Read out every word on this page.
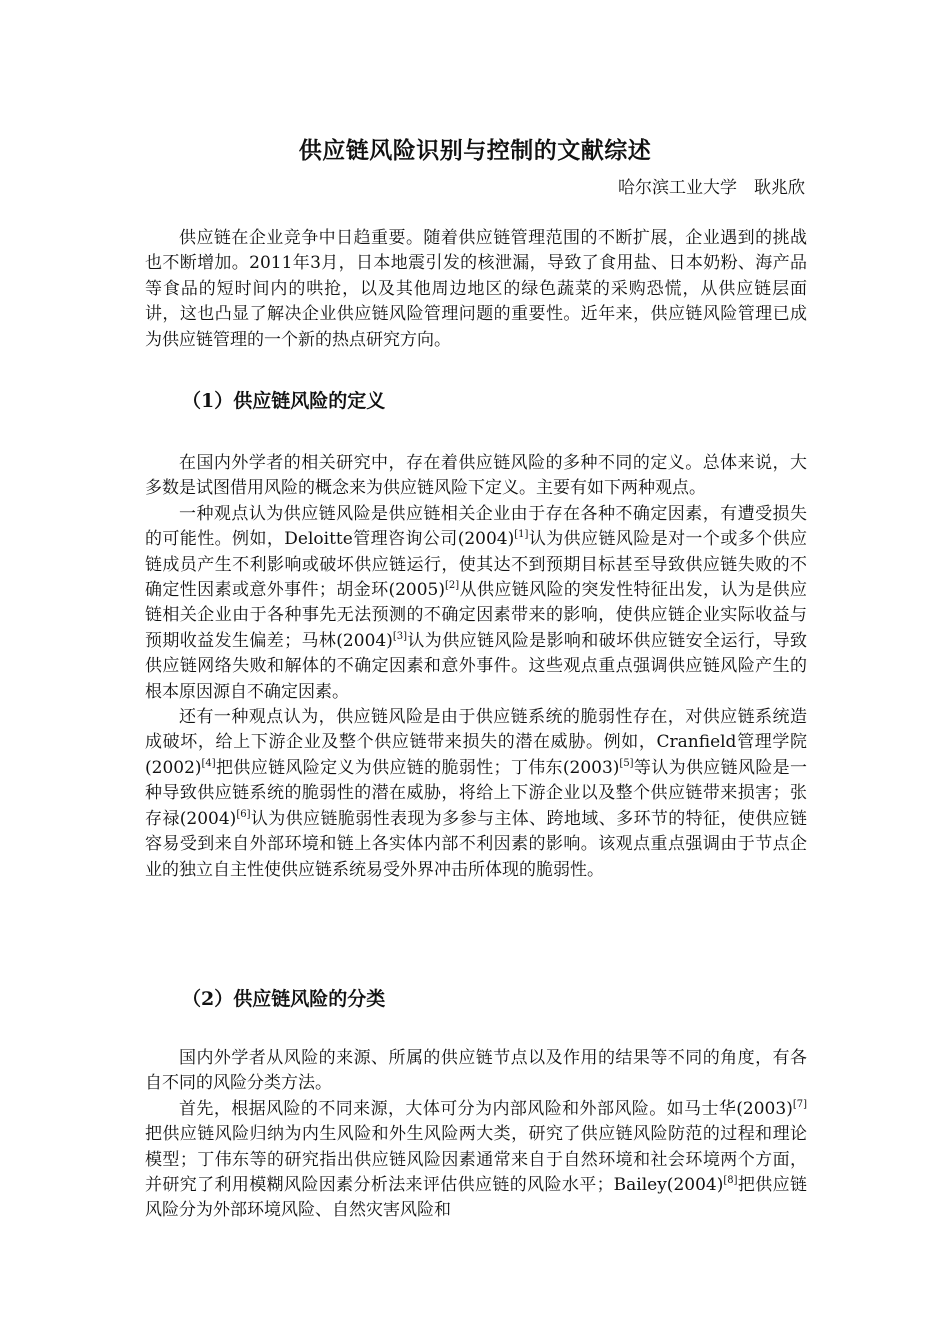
供应链风险识别与控制的文献综述
哈尔滨工业大学　耿兆欣

供应链在企业竞争中日趋重要。随着供应链管理范围的不断扩展，企业遇到的挑战也不断增加。2011年3月，日本地震引发的核泄漏，导致了食用盐、日本奶粉、海产品等食品的短时间内的哄抢，以及其他周边地区的绿色蔬菜的采购恐慌，从供应链层面讲，这也凸显了解决企业供应链风险管理问题的重要性。近年来，供应链风险管理已成为供应链管理的一个新的热点研究方向。

（1）供应链风险的定义

在国内外学者的相关研究中，存在着供应链风险的多种不同的定义。总体来说，大多数是试图借用风险的概念来为供应链风险下定义。主要有如下两种观点。

一种观点认为供应链风险是供应链相关企业由于存在各种不确定因素，有遭受损失的可能性。例如，Deloitte管理咨询公司(2004)[1]认为供应链风险是对一个或多个供应链成员产生不利影响或破坏供应链运行，使其达不到预期目标甚至导致供应链失败的不确定性因素或意外事件；胡金环(2005)[2]从供应链风险的突发性特征出发，认为是供应链相关企业由于各种事先无法预测的不确定因素带来的影响，使供应链企业实际收益与预期收益发生偏差；马林(2004)[3]认为供应链风险是影响和破坏供应链安全运行，导致供应链网络失败和解体的不确定因素和意外事件。这些观点重点强调供应链风险产生的根本原因源自不确定因素。

还有一种观点认为，供应链风险是由于供应链系统的脆弱性存在，对供应链系统造成破坏，给上下游企业及整个供应链带来损失的潜在威胁。例如，Cranfield管理学院(2002)[4]把供应链风险定义为供应链的脆弱性；丁伟东(2003)[5]等认为供应链风险是一种导致供应链系统的脆弱性的潜在威胁，将给上下游企业以及整个供应链带来损害；张存禄(2004)[6]认为供应链脆弱性表现为多参与主体、跨地域、多环节的特征，使供应链容易受到来自外部环境和链上各实体内部不利因素的影响。该观点重点强调由于节点企业的独立自主性使供应链系统易受外界冲击所体现的脆弱性。

（2）供应链风险的分类

国内外学者从风险的来源、所属的供应链节点以及作用的结果等不同的角度，有各自不同的风险分类方法。

首先，根据风险的不同来源，大体可分为内部风险和外部风险。如马士华(2003)[7]把供应链风险归纳为内生风险和外生风险两大类，研究了供应链风险防范的过程和理论模型；丁伟东等的研究指出供应链风险因素通常来自于自然环境和社会环境两个方面，并研究了利用模糊风险因素分析法来评估供应链的风险水平；Bailey(2004)[8]把供应链风险分为外部环境风险、自然灾害风险和
